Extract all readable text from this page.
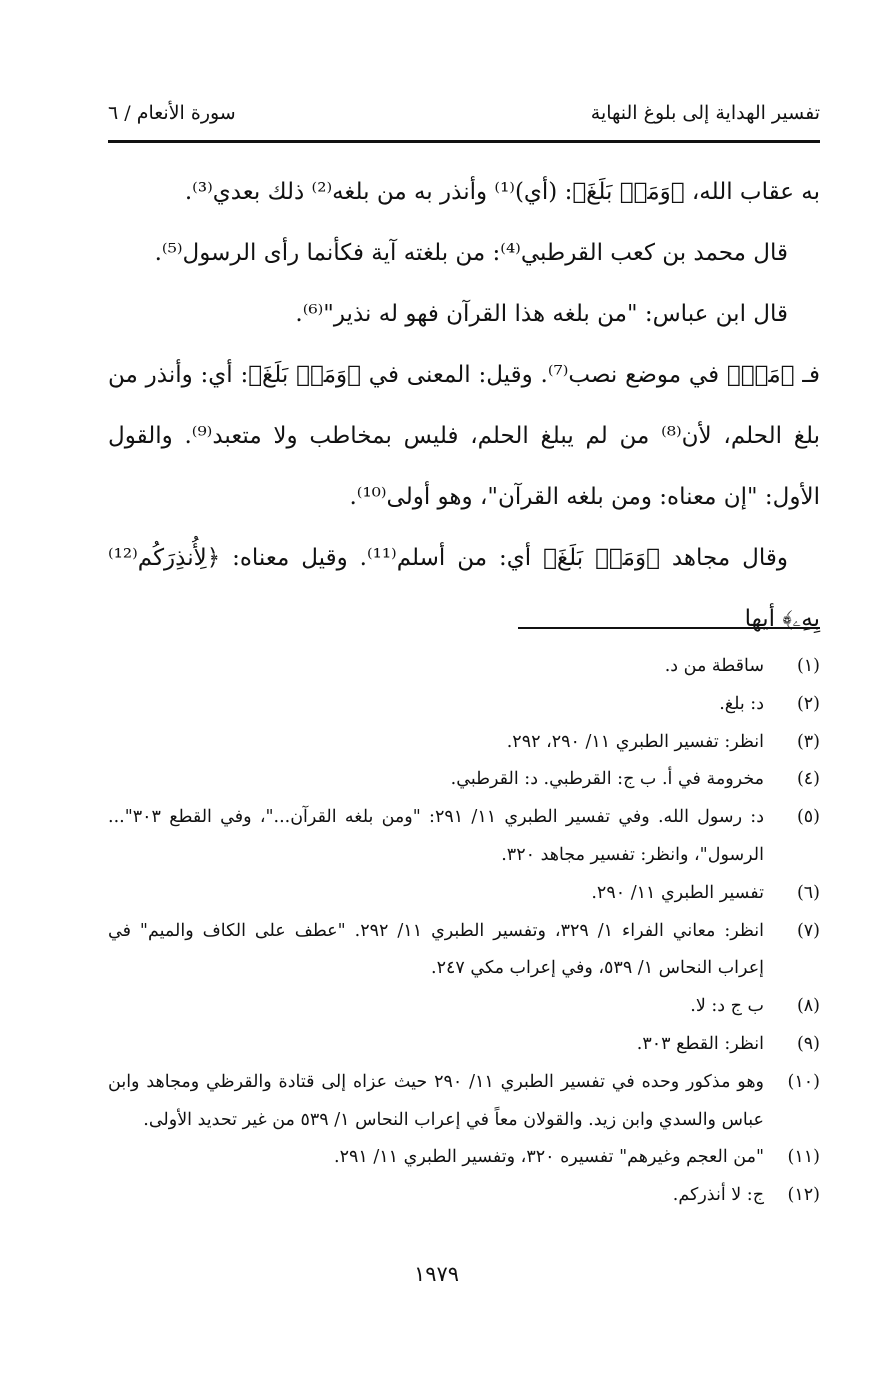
تفسير الهداية إلى بلوغ النهاية
سورة الأنعام / ٦

به عقاب الله، ﴿وَمَنۢ بَلَغَ﴾: (أي)⁽¹⁾ وأنذر به من بلغه⁽²⁾ ذلك بعدي⁽³⁾.

قال محمد بن كعب القرطبي⁽⁴⁾: من بلغته آية فكأنما رأى الرسول⁽⁵⁾.

قال ابن عباس: "من بلغه هذا القرآن فهو له نذير"⁽⁶⁾.

فـ ﴿مَنۢ﴾ في موضع نصب⁽⁷⁾. وقيل: المعنى في ﴿وَمَنۢ بَلَغَ﴾: أي: وأنذر من بلغ الحلم، لأن⁽⁸⁾ من لم يبلغ الحلم، فليس بمخاطب ولا متعبد⁽⁹⁾. والقول الأول: "إن معناه: ومن بلغه القرآن"، وهو أولى⁽¹⁰⁾.

وقال مجاهد ﴿وَمَنۢ بَلَغَ﴾ أي: من أسلم⁽¹¹⁾. وقيل معناه: ﴿لِأُنذِرَكُم⁽¹²⁾ بِهِۦ﴾ أيها

(١)
ساقطة من د.

(٢)
د: بلغ.

(٣)
انظر: تفسير الطبري ١١/ ٢٩٠، ٢٩٢.

(٤)
مخرومة في أ. ب ج: القرطبي. د: القرطبي.

(٥)
د: رسول الله. وفي تفسير الطبري ١١/ ٢٩١: "ومن بلغه القرآن..."، وفي القطع ٣٠٣"... الرسول"، وانظر: تفسير مجاهد ٣٢٠.

(٦)
تفسير الطبري ١١/ ٢٩٠.

(٧)
انظر: معاني الفراء ١/ ٣٢٩، وتفسير الطبري ١١/ ٢٩٢. "عطف على الكاف والميم" في إعراب النحاس ١/ ٥٣٩، وفي إعراب مكي ٢٤٧.

(٨)
ب ج د: لا.

(٩)
انظر: القطع ٣٠٣.

(١٠)
وهو مذكور وحده في تفسير الطبري ١١/ ٢٩٠ حيث عزاه إلى قتادة والقرظي ومجاهد وابن عباس والسدي وابن زيد. والقولان معاً في إعراب النحاس ١/ ٥٣٩ من غير تحديد الأولى.

(١١)
"من العجم وغيرهم" تفسيره ٣٢٠، وتفسير الطبري ١١/ ٢٩١.

(١٢)
ج: لا أنذركم.

١٩٧٩
